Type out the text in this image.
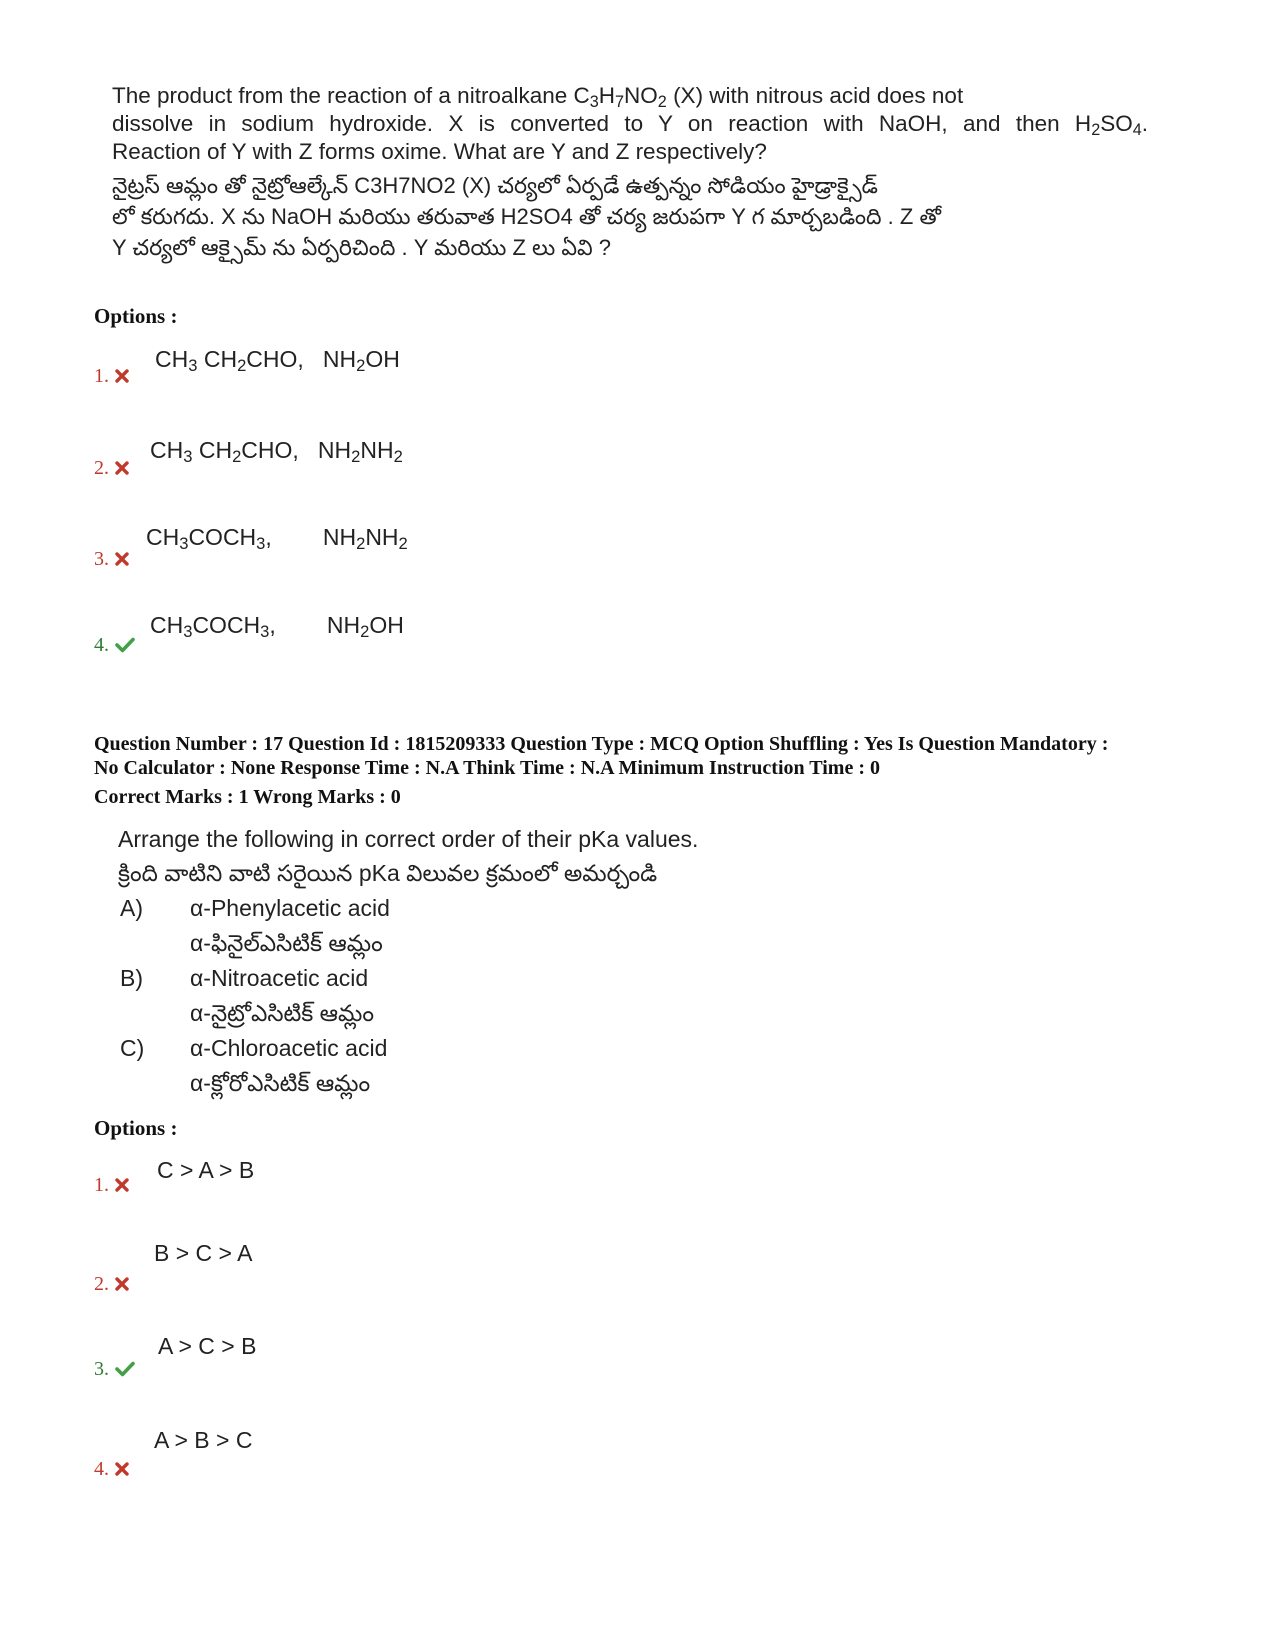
The product from the reaction of a nitroalkane $C_3H_7NO_2$ (X) with nitrous acid does not
dissolve in sodium hydroxide. X is converted to Y on reaction with NaOH, and then $H_2SO_4$.
Reaction of Y with Z forms oxime. What are Y and Z respectively?
నైట్రస్ ఆమ్లం తో నైట్రోఆల్కేన్ C3H7NO2 (X) చర్యలో ఏర్పడే ఉత్పన్నం సోడియం హైడ్రాక్సైడ్
లో కరుగదు. X ను NaOH మరియు తరువాత H2SO4 తో చర్య జరుపగా Y గ మార్చబడింది . Z తో
Y చర్యలో ఆక్సైమ్ ను ఏర్పరిచింది . Y మరియు Z లు ఏవి ?
Options :
$CH_3$ $CH_2CHO$,   $NH_2OH$
1.
$CH_3$ $CH_2CHO$,   $NH_2NH_2$
2.
$CH_3COCH_3$,        $NH_2NH_2$
3.
$CH_3COCH_3$,        $NH_2OH$
4.
Question Number : 17 Question Id : 1815209333 Question Type : MCQ Option Shuffling : Yes Is Question Mandatory :
No Calculator : None Response Time : N.A Think Time : N.A Minimum Instruction Time : 0
Correct Marks : 1 Wrong Marks : 0
Arrange the following in correct order of their pKa values.
క్రింది వాటిని వాటి సరైయిన pKa విలువల క్రమంలో అమర్చండి
A) α-Phenylacetic acid
α-ఫినైల్ఎసిటిక్ ఆమ్లం
B) α-Nitroacetic acid
α-నైట్రోఎసిటిక్ ఆమ్లం
C) α-Chloroacetic acid
α-క్లోరోఎసిటిక్ ఆమ్లం
Options :
C > A > B
1.
B > C > A
2.
A > C > B
3.
A > B > C
4.
